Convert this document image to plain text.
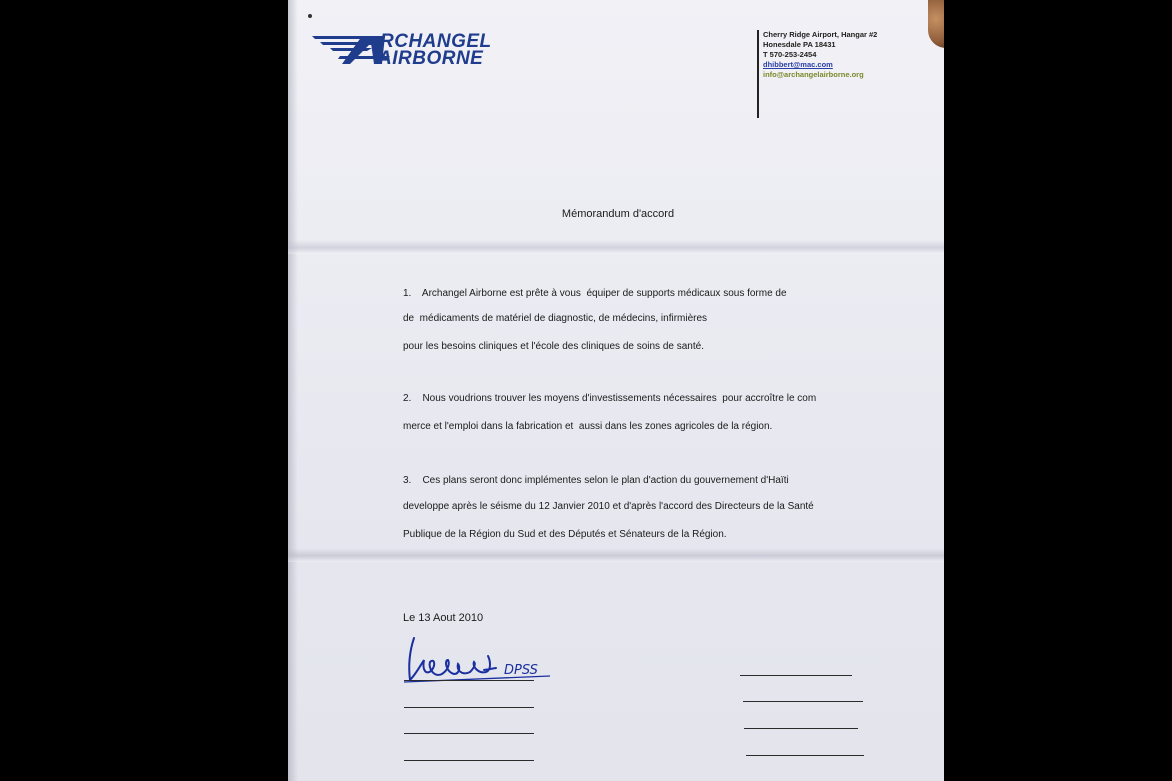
RCHANGEL
AIRBORNE
Cherry Ridge Airport, Hangar #2
Honesdale PA 18431
T 570-253-2454
dhibbert@mac.com
info@archangelairborne.org
Mémorandum d'accord
1.    Archangel Airborne est prête à vous  équiper de supports médicaux sous forme de
de  médicaments de matériel de diagnostic, de médecins, infirmières
pour les besoins cliniques et l'école des cliniques de soins de santé.
2.    Nous voudrions trouver les moyens d'investissements nécessaires  pour accroître le com
merce et l'emploi dans la fabrication et  aussi dans les zones agricoles de la région.
3.    Ces plans seront donc implémentes selon le plan d'action du gouvernement d'Haïti
developpe après le séisme du 12 Janvier 2010 et d'après l'accord des Directeurs de la Santé
Publique de la Région du Sud et des Députés et Sénateurs de la Région.
Le 13 Aout 2010
DPSS
